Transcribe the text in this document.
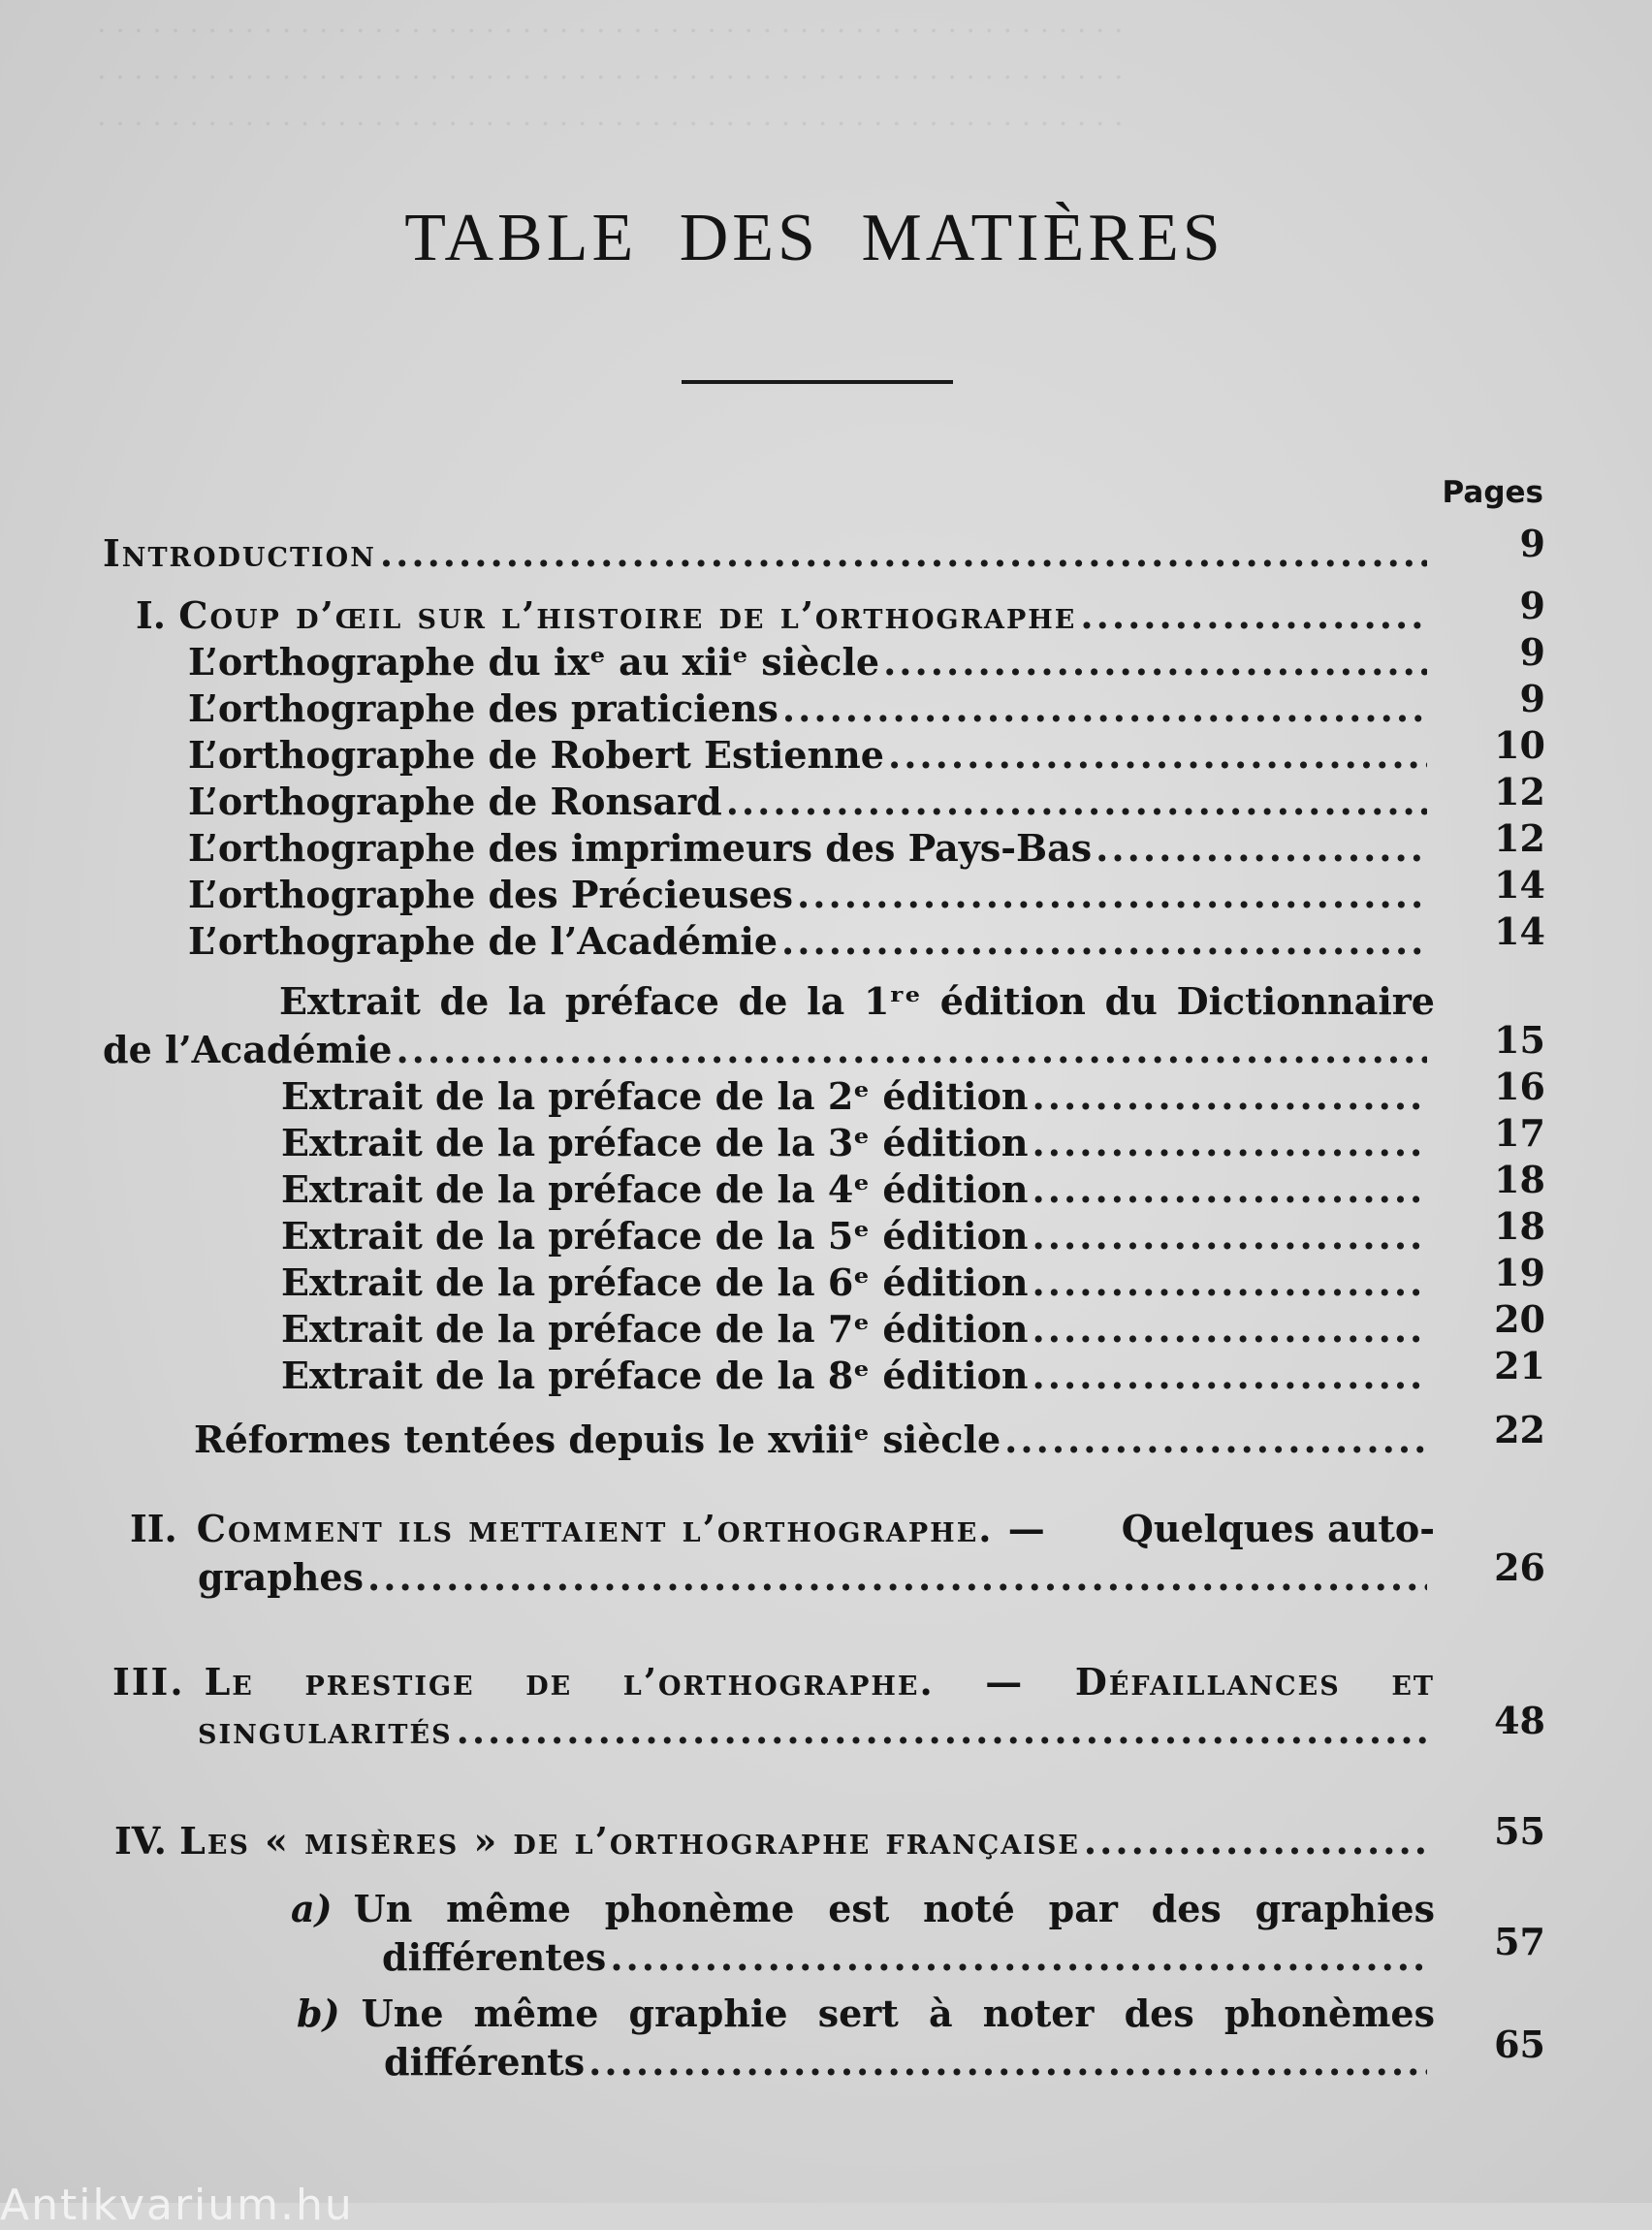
. . . . . . . . . . . . . . . . . . . . . . . . . . . . . . . . . . . . . . . . . . . . . . . . . . . . . . . .
. . . . . . . . . . . . . . . . . . . . . . . . . . . . . . . . . . . . . . . . . . . . . . . . . . . . . . . .
. . . . . . . . . . . . . . . . . . . . . . . . . . . . . . . . . . . . . . . . . . . . . . . . . . . . . . . .
TABLE DES MATIÈRES
Pages
Introduction .....	9
I. Coup d’œil sur l’histoire de l’orthographe .....	9
L’orthographe du ixᵉ au xiiᵉ siècle .....	9
L’orthographe des praticiens .....	9
L’orthographe de Robert Estienne .....	10
L’orthographe de Ronsard .....	12
L’orthographe des imprimeurs des Pays-Bas .....	12
L’orthographe des Précieuses .....	14
L’orthographe de l’Académie .....	14
Extrait de la préface de la 1ʳᵉ édition du Dictionnaire
de l’Académie .....	15
Extrait de la préface de la 2ᵉ édition .....	16
Extrait de la préface de la 3ᵉ édition .....	17
Extrait de la préface de la 4ᵉ édition .....	18
Extrait de la préface de la 5ᵉ édition .....	18
Extrait de la préface de la 6ᵉ édition .....	19
Extrait de la préface de la 7ᵉ édition .....	20
Extrait de la préface de la 8ᵉ édition .....	21
Réformes tentées depuis le xviiiᵉ siècle .....	22
II. Comment ils mettaient l’orthographe. —	Quelques auto-
graphes .....	26
III. Le prestige de l’orthographe. — Défaillances et
singularités .....	48
IV. Les « misères » de l’orthographe française .....	55
a) Un même phonème est noté par des graphies
différentes .....	57
b) Une même graphie sert à noter des phonèmes
différents .....	65
Antikvarium.hu
